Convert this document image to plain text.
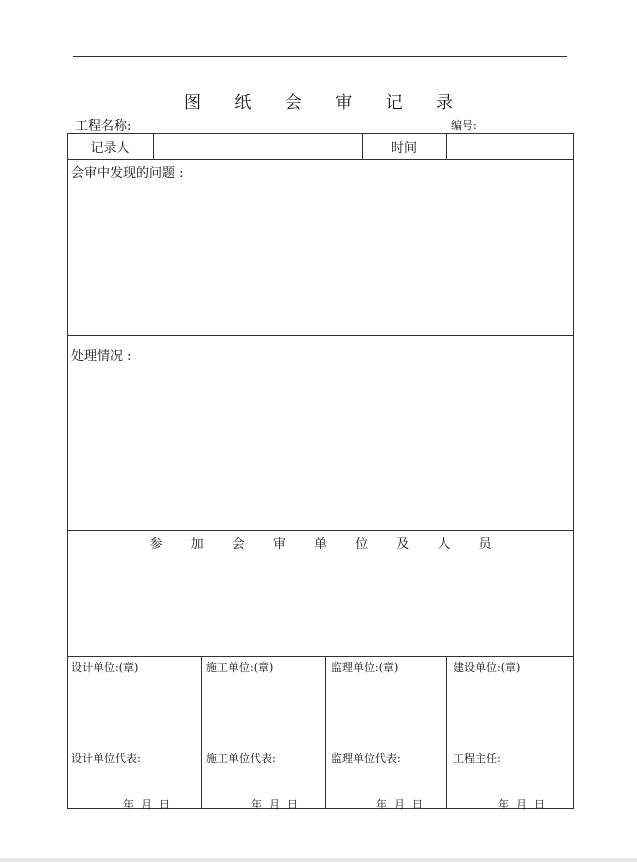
图 纸 会 审 记 录
工程名称:	编号:
记录人	时间
会审中发现的问题 :
处理情况 :
参 加 会 审 单 位 及 人 员
设计单位:(章)
设计单位代表:
年  月  日
施工单位:(章)
施工单位代表:
年  月  日
监理单位:(章)
监理单位代表:
年  月  日
建设单位:(章)
工程主任:
年  月  日
